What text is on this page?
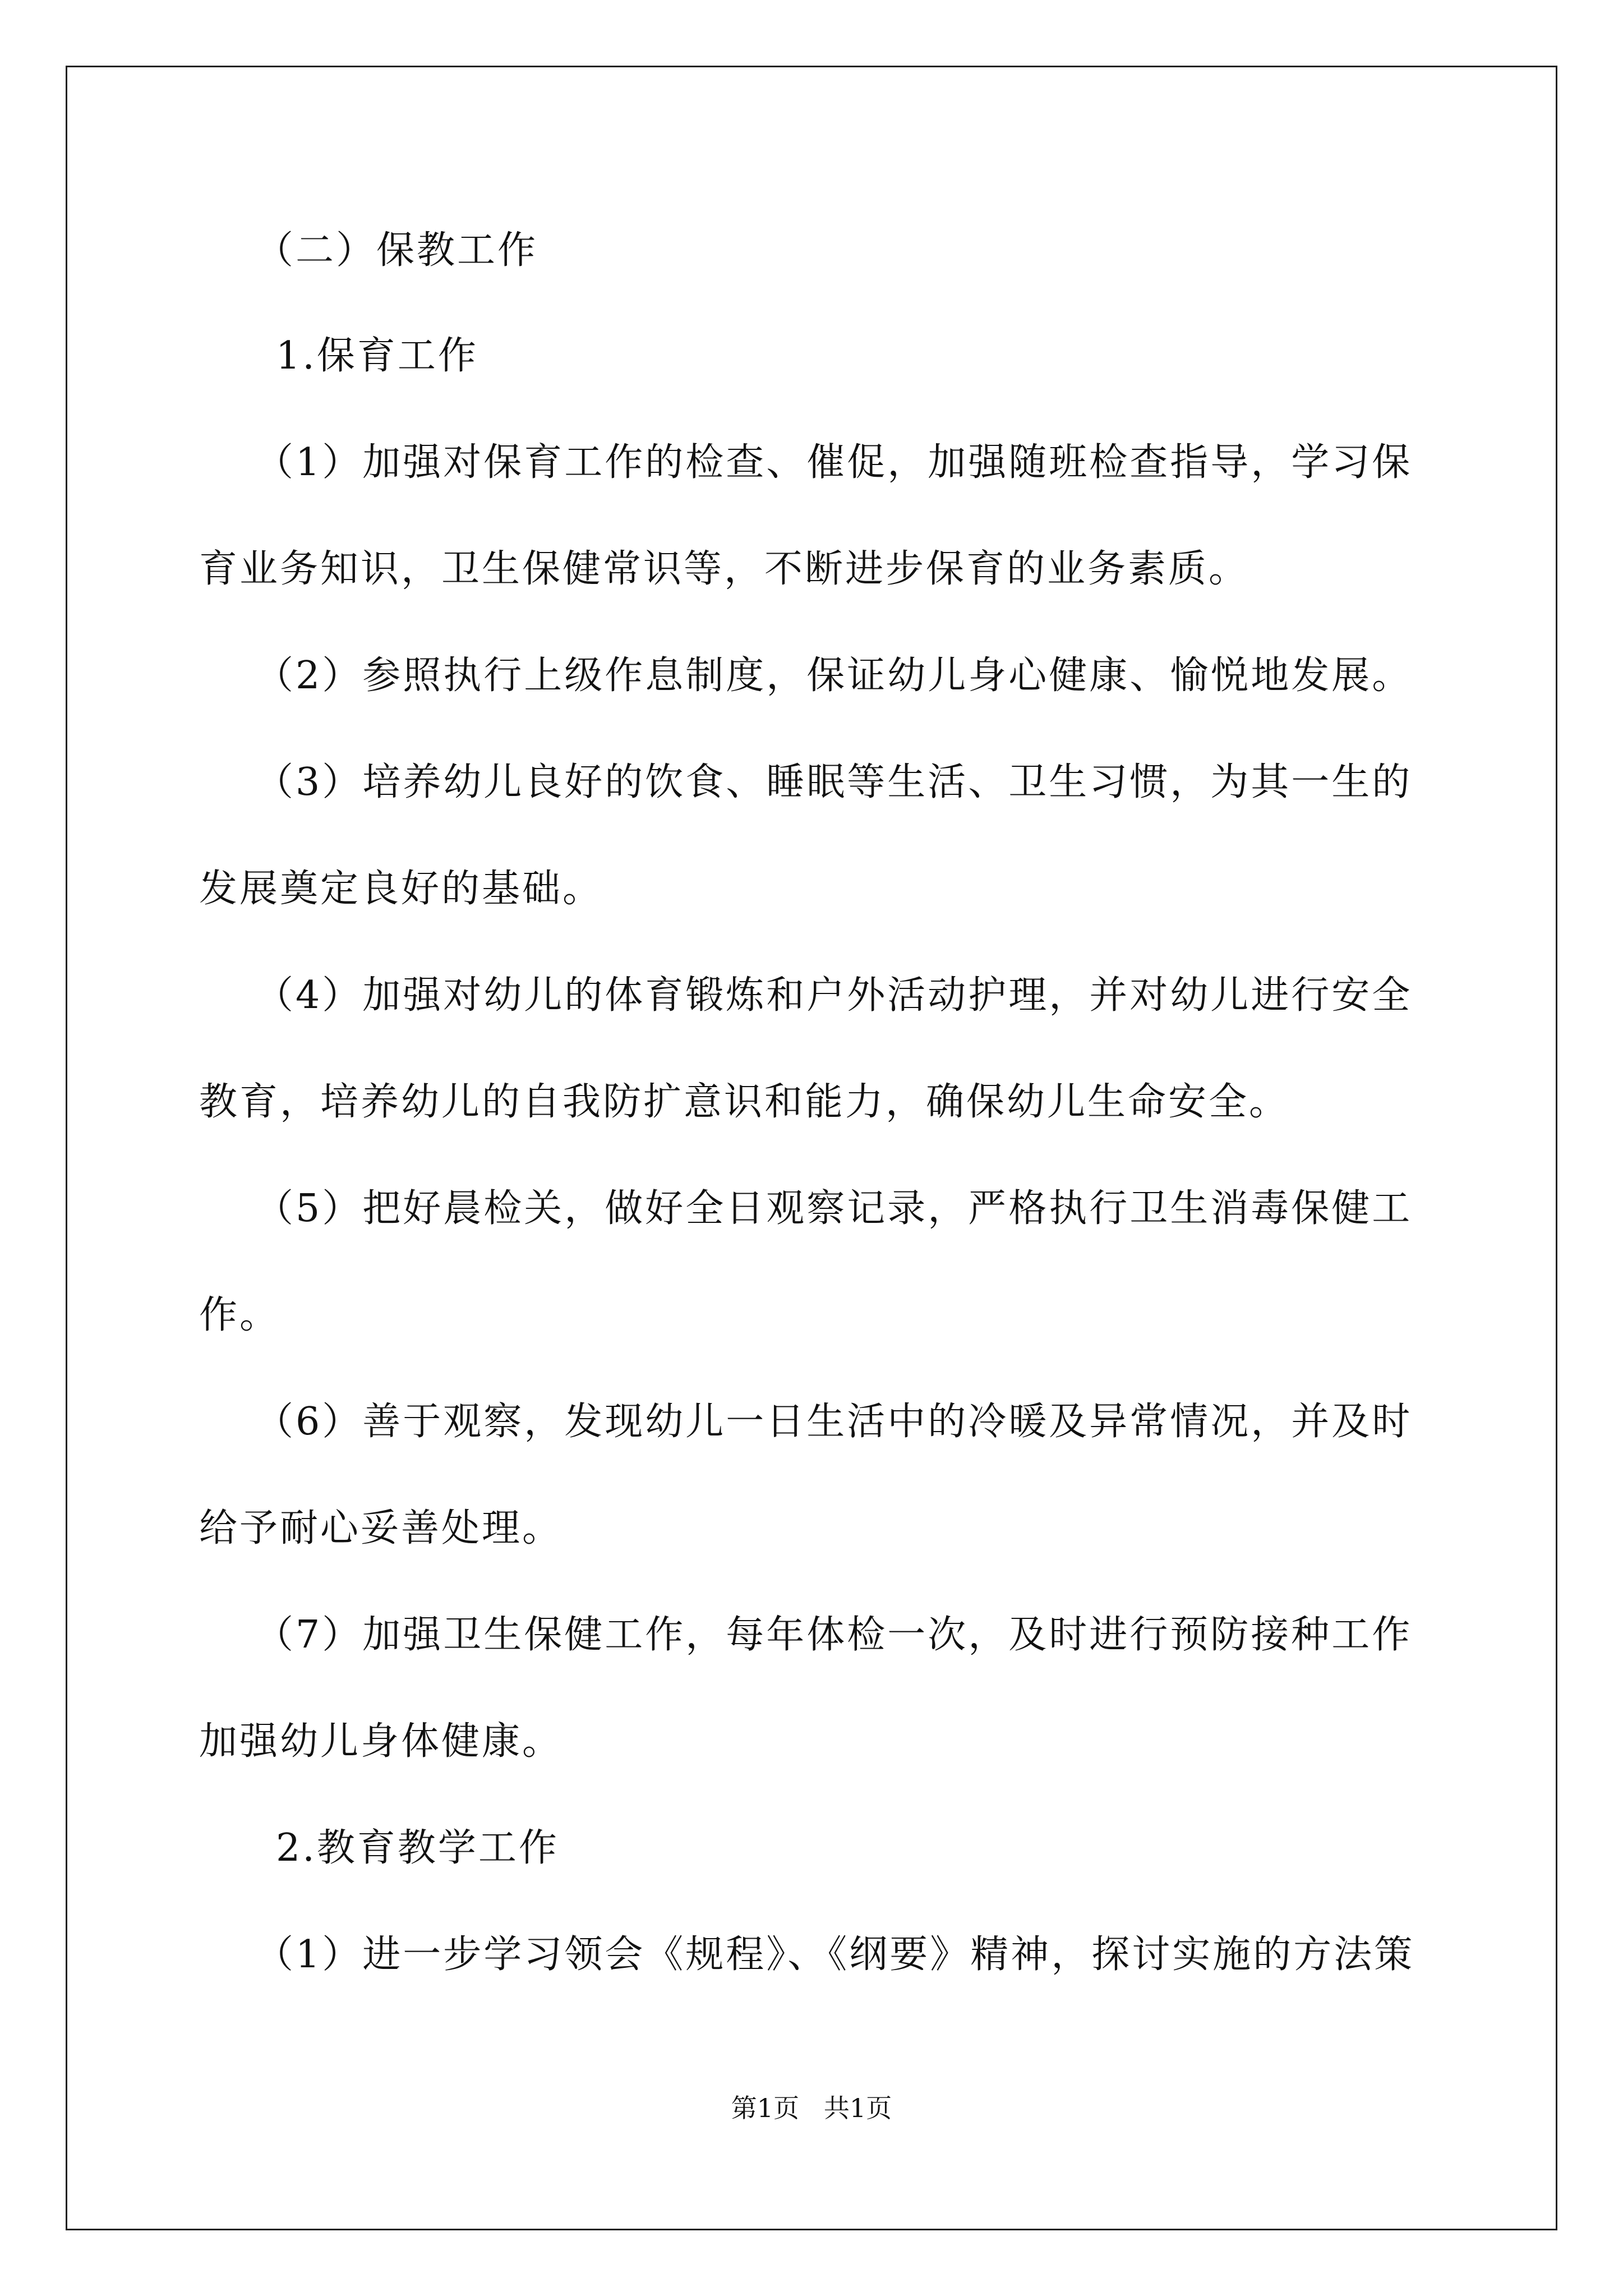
（二）保教工作
1.保育工作
（1）加强对保育工作的检查、催促，加强随班检查指导，学习保
育业务知识，卫生保健常识等，不断进步保育的业务素质。
（2）参照执行上级作息制度，保证幼儿身心健康、愉悦地发展。
（3）培养幼儿良好的饮食、睡眠等生活、卫生习惯，为其一生的
发展奠定良好的基础。
（4）加强对幼儿的体育锻炼和户外活动护理，并对幼儿进行安全
教育，培养幼儿的自我防扩意识和能力，确保幼儿生命安全。
（5）把好晨检关，做好全日观察记录，严格执行卫生消毒保健工
作。
（6）善于观察，发现幼儿一日生活中的冷暖及异常情况，并及时
给予耐心妥善处理。
（7）加强卫生保健工作，每年体检一次，及时进行预防接种工作
加强幼儿身体健康。
2.教育教学工作
（1）进一步学习领会《规程》、《纲要》精神，探讨实施的方法策
第1页   共1页
